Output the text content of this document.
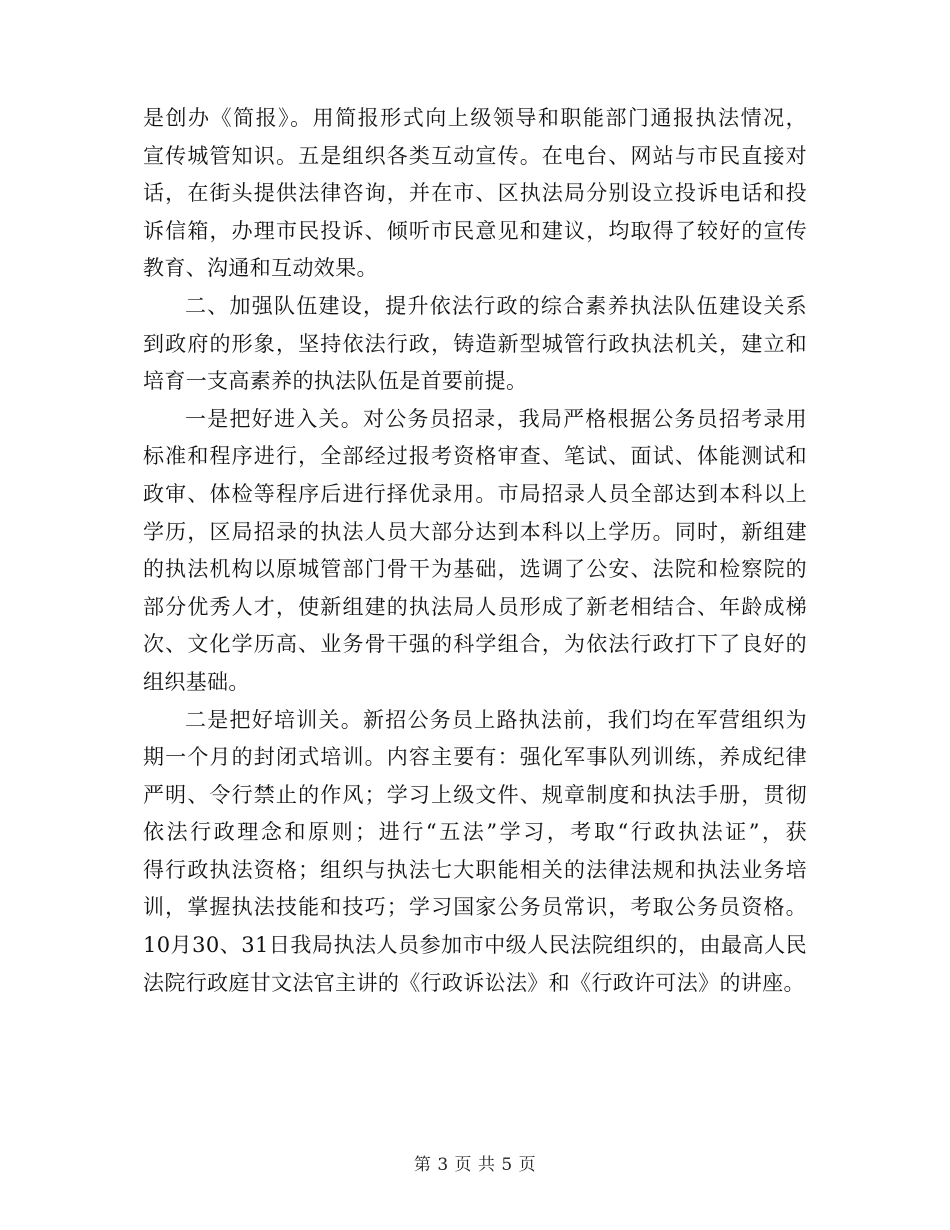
是创办《简报》。用简报形式向上级领导和职能部门通报执法情况，
宣传城管知识。五是组织各类互动宣传。在电台、网站与市民直接对
话，在街头提供法律咨询，并在市、区执法局分别设立投诉电话和投
诉信箱，办理市民投诉、倾听市民意见和建议，均取得了较好的宣传
教育、沟通和互动效果。
二、加强队伍建设，提升依法行政的综合素养执法队伍建设关系
到政府的形象，坚持依法行政，铸造新型城管行政执法机关，建立和
培育一支高素养的执法队伍是首要前提。
一是把好进入关。对公务员招录，我局严格根据公务员招考录用
标准和程序进行，全部经过报考资格审查、笔试、面试、体能测试和
政审、体检等程序后进行择优录用。市局招录人员全部达到本科以上
学历，区局招录的执法人员大部分达到本科以上学历。同时，新组建
的执法机构以原城管部门骨干为基础，选调了公安、法院和检察院的
部分优秀人才，使新组建的执法局人员形成了新老相结合、年龄成梯
次、文化学历高、业务骨干强的科学组合，为依法行政打下了良好的
组织基础。
二是把好培训关。新招公务员上路执法前，我们均在军营组织为
期一个月的封闭式培训。内容主要有：强化军事队列训练，养成纪律
严明、令行禁止的作风；学习上级文件、规章制度和执法手册，贯彻
依法行政理念和原则；进行“五法”学习，考取“行政执法证”，获
得行政执法资格；组织与执法七大职能相关的法律法规和执法业务培
训，掌握执法技能和技巧；学习国家公务员常识，考取公务员资格。
10月30、31日我局执法人员参加市中级人民法院组织的，由最高人民
法院行政庭甘文法官主讲的《行政诉讼法》和《行政许可法》的讲座。
第 3 页 共 5 页
